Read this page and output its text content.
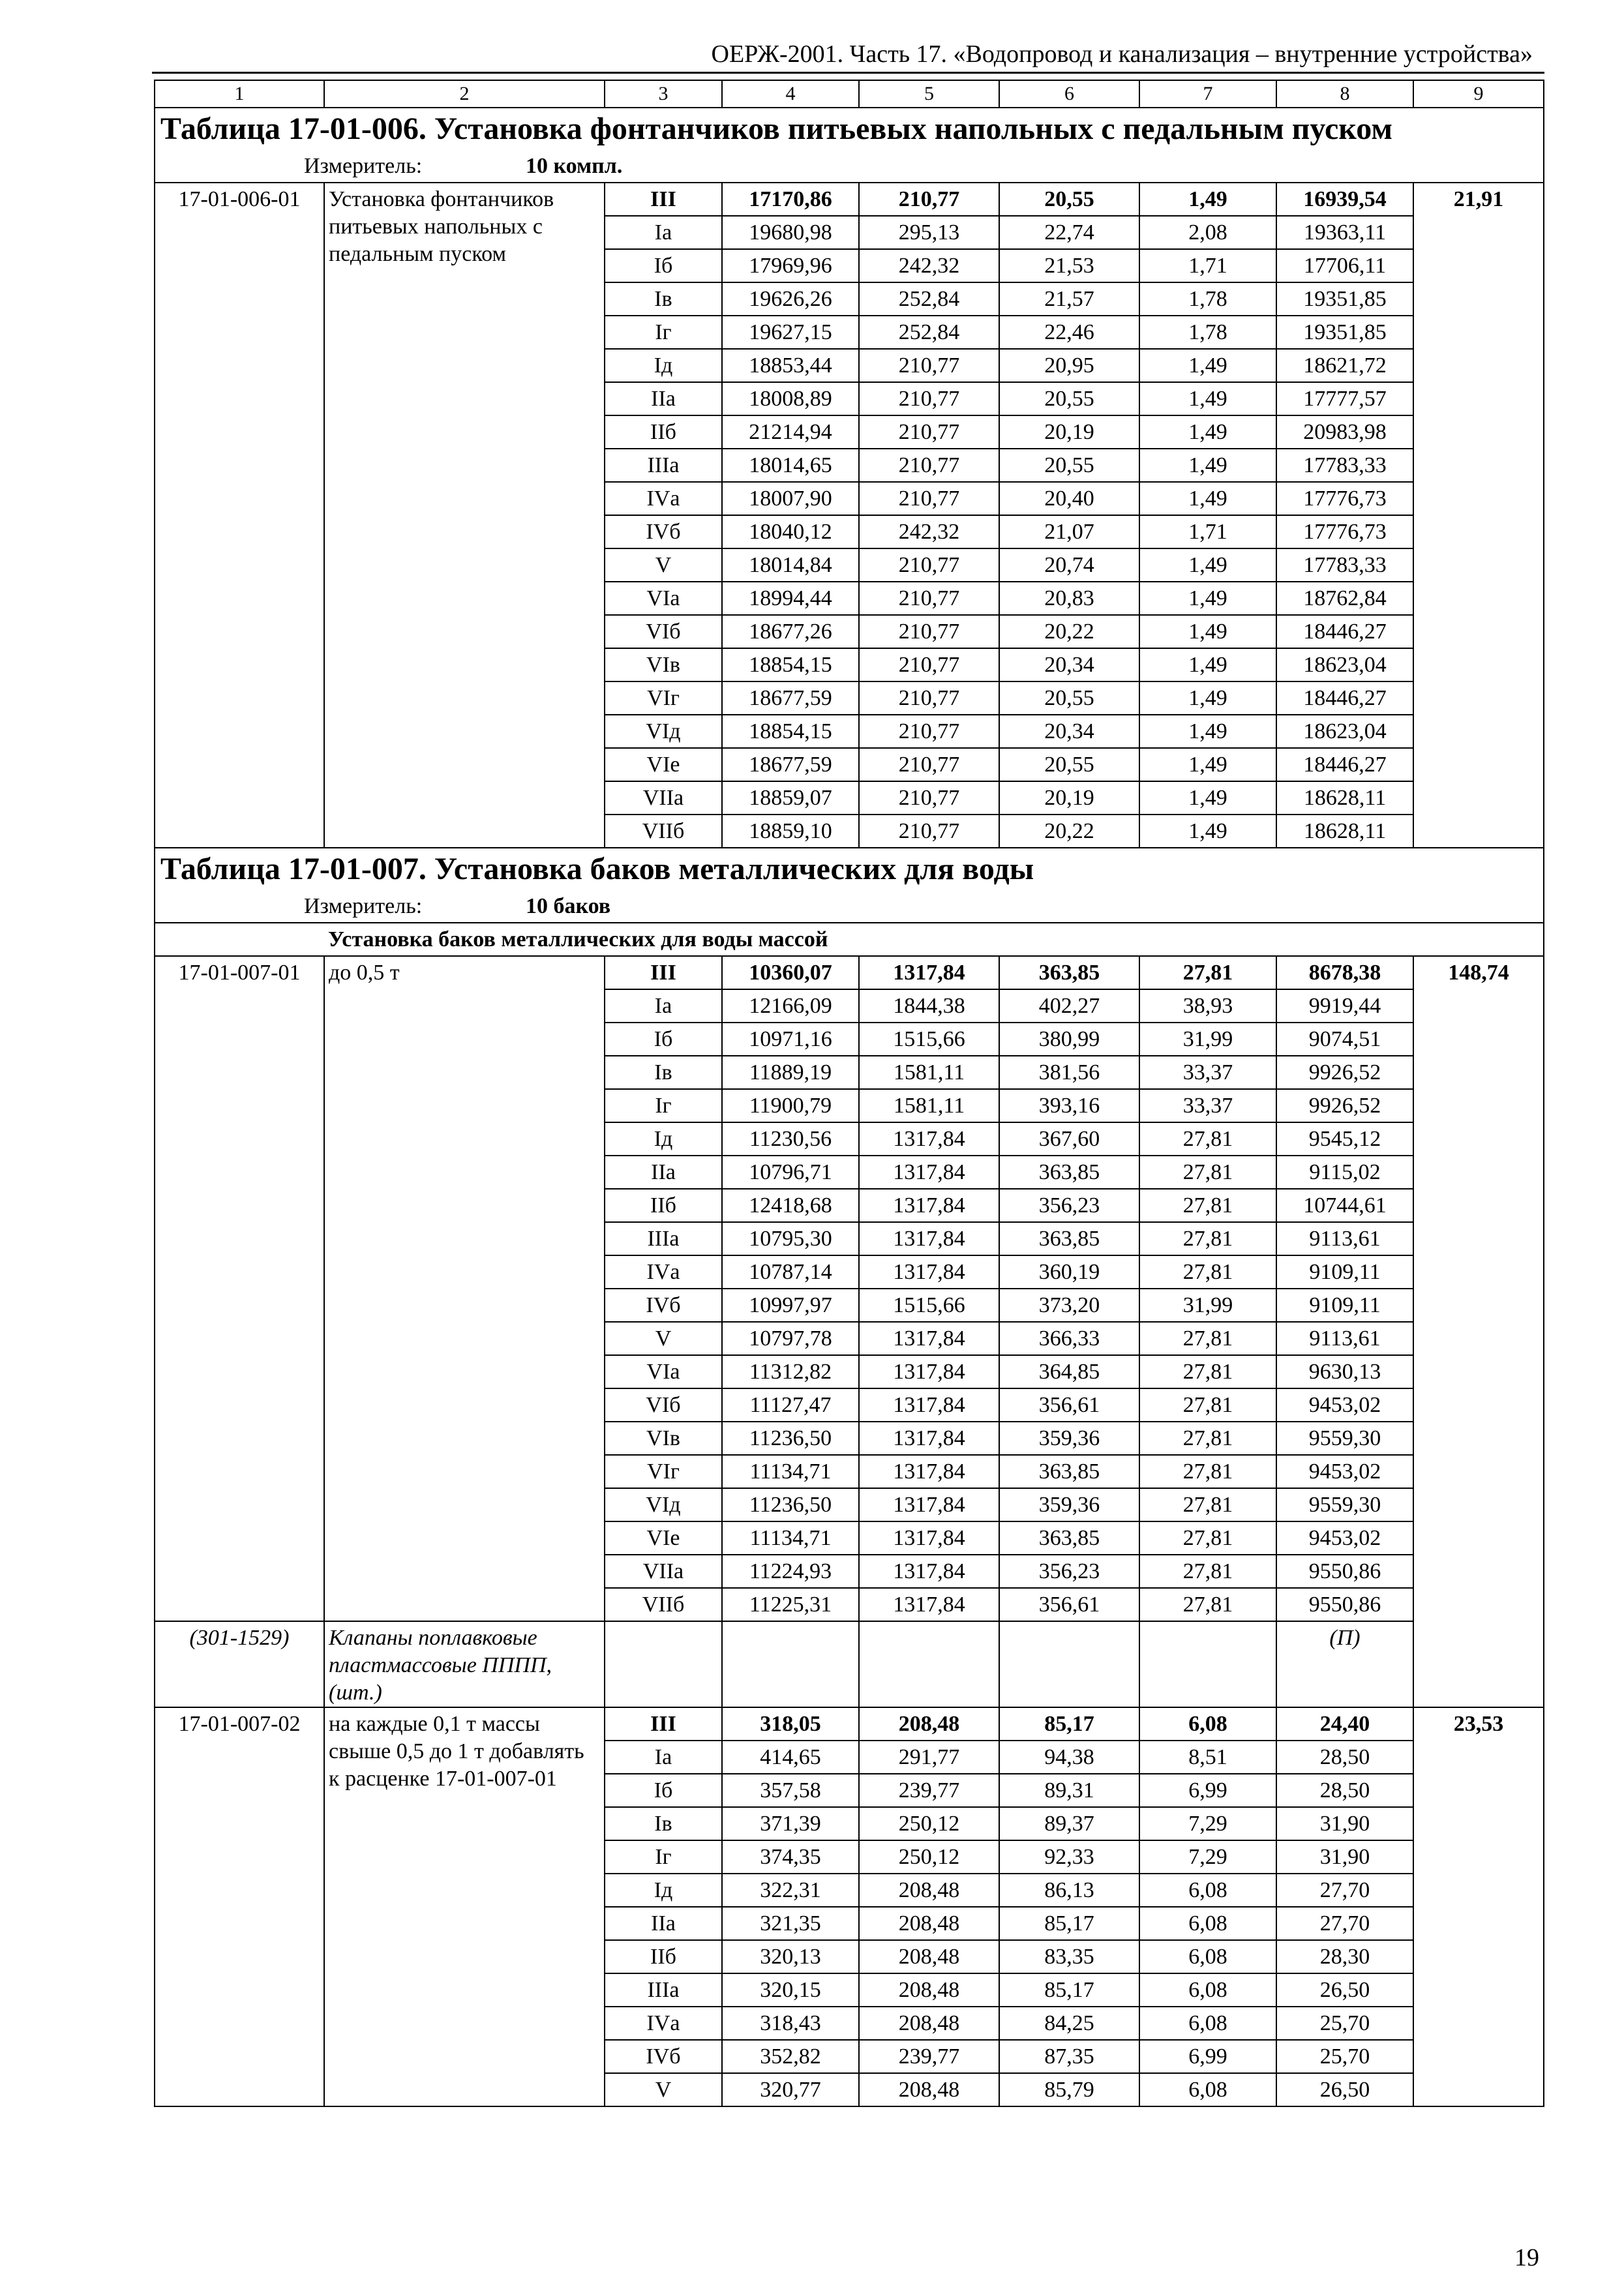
ОЕРЖ-2001. Часть 17. «Водопровод и канализация – внутренние устройства»
1	2	3	4	5	6	7	8	9
Таблица 17-01-006. Установка фонтанчиков питьевых напольных с педальным пуском								
Измеритель: 10 компл.								
17-01-006-01	Установка фонтанчиков питьевых напольных с педальным пуском	III	17170,86	210,77	20,55	1,49	16939,54	21,91
		Iа	19680,98	295,13	22,74	2,08	19363,11	
		Iб	17969,96	242,32	21,53	1,71	17706,11	
		Iв	19626,26	252,84	21,57	1,78	19351,85	
		Iг	19627,15	252,84	22,46	1,78	19351,85	
		Iд	18853,44	210,77	20,95	1,49	18621,72	
		IIа	18008,89	210,77	20,55	1,49	17777,57	
		IIб	21214,94	210,77	20,19	1,49	20983,98	
		IIIа	18014,65	210,77	20,55	1,49	17783,33	
		IVа	18007,90	210,77	20,40	1,49	17776,73	
		IVб	18040,12	242,32	21,07	1,71	17776,73	
		V	18014,84	210,77	20,74	1,49	17783,33	
		VIа	18994,44	210,77	20,83	1,49	18762,84	
		VIб	18677,26	210,77	20,22	1,49	18446,27	
		VIв	18854,15	210,77	20,34	1,49	18623,04	
		VIг	18677,59	210,77	20,55	1,49	18446,27	
		VIд	18854,15	210,77	20,34	1,49	18623,04	
		VIе	18677,59	210,77	20,55	1,49	18446,27	
		VIIа	18859,07	210,77	20,19	1,49	18628,11	
		VIIб	18859,10	210,77	20,22	1,49	18628,11	
Таблица 17-01-007. Установка баков металлических для воды								
Измеритель: 10 баков								
Установка баков металлических для воды массой								
17-01-007-01	до 0,5 т	III	10360,07	1317,84	363,85	27,81	8678,38	148,74
		Iа	12166,09	1844,38	402,27	38,93	9919,44	
		Iб	10971,16	1515,66	380,99	31,99	9074,51	
		Iв	11889,19	1581,11	381,56	33,37	9926,52	
		Iг	11900,79	1581,11	393,16	33,37	9926,52	
		Iд	11230,56	1317,84	367,60	27,81	9545,12	
		IIа	10796,71	1317,84	363,85	27,81	9115,02	
		IIб	12418,68	1317,84	356,23	27,81	10744,61	
		IIIа	10795,30	1317,84	363,85	27,81	9113,61	
		IVа	10787,14	1317,84	360,19	27,81	9109,11	
		IVб	10997,97	1515,66	373,20	31,99	9109,11	
		V	10797,78	1317,84	366,33	27,81	9113,61	
		VIа	11312,82	1317,84	364,85	27,81	9630,13	
		VIб	11127,47	1317,84	356,61	27,81	9453,02	
		VIв	11236,50	1317,84	359,36	27,81	9559,30	
		VIг	11134,71	1317,84	363,85	27,81	9453,02	
		VIд	11236,50	1317,84	359,36	27,81	9559,30	
		VIе	11134,71	1317,84	363,85	27,81	9453,02	
		VIIа	11224,93	1317,84	356,23	27,81	9550,86	
		VIIб	11225,31	1317,84	356,61	27,81	9550,86	
(301-1529)	Клапаны поплавковые пластмассовые ПППП, (шт.)						(П)	
17-01-007-02	на каждые 0,1 т массы свыше 0,5 до 1 т добавлять к расценке 17-01-007-01	III	318,05	208,48	85,17	6,08	24,40	23,53
		Iа	414,65	291,77	94,38	8,51	28,50	
		Iб	357,58	239,77	89,31	6,99	28,50	
		Iв	371,39	250,12	89,37	7,29	31,90	
		Iг	374,35	250,12	92,33	7,29	31,90	
		Iд	322,31	208,48	86,13	6,08	27,70	
		IIа	321,35	208,48	85,17	6,08	27,70	
		IIб	320,13	208,48	83,35	6,08	28,30	
		IIIа	320,15	208,48	85,17	6,08	26,50	
		IVа	318,43	208,48	84,25	6,08	25,70	
		IVб	352,82	239,77	87,35	6,99	25,70	
		V	320,77	208,48	85,79	6,08	26,50	
19
